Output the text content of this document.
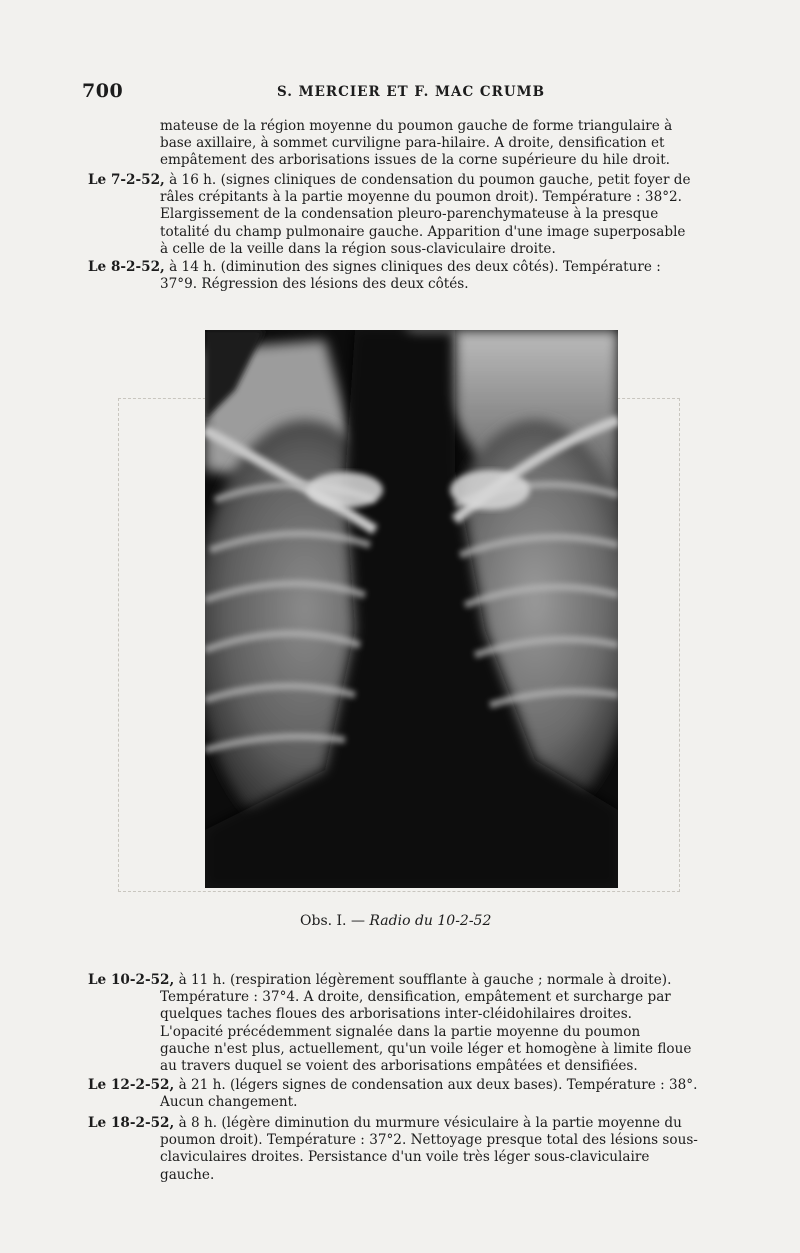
700	S. MERCIER ET F. MAC CRUMB
mateuse de la région moyenne du poumon gauche de forme triangulaire à
base axillaire, à sommet curviligne para-hilaire. A droite, densification et
empâtement des arborisations issues de la corne supérieure du hile droit.
Le 7-2-52, à 16 h. (signes cliniques de condensation du poumon gauche, petit foyer de
râles crépitants à la partie moyenne du poumon droit). Température : 38°2.
Elargissement de la condensation pleuro-parenchymateuse à la presque
totalité du champ pulmonaire gauche. Apparition d'une image superposable
à celle de la veille dans la région sous-claviculaire droite.
Le 8-2-52, à 14 h. (diminution des signes cliniques des deux côtés). Température :
37°9. Régression des lésions des deux côtés.
Obs. I. — Radio du 10-2-52
Le 10-2-52, à 11 h. (respiration légèrement soufflante à gauche ; normale à droite).
Température : 37°4. A droite, densification, empâtement et surcharge par
quelques taches floues des arborisations inter-cléidohilaires droites.
L'opacité précédemment signalée dans la partie moyenne du poumon
gauche n'est plus, actuellement, qu'un voile léger et homogène à limite floue
au travers duquel se voient des arborisations empâtées et densifiées.
Le 12-2-52, à 21 h. (légers signes de condensation aux deux bases). Température : 38°.
Aucun changement.
Le 18-2-52, à 8 h. (légère diminution du murmure vésiculaire à la partie moyenne du
poumon droit). Température : 37°2. Nettoyage presque total des lésions sous-
claviculaires droites. Persistance d'un voile très léger sous-claviculaire
gauche.
